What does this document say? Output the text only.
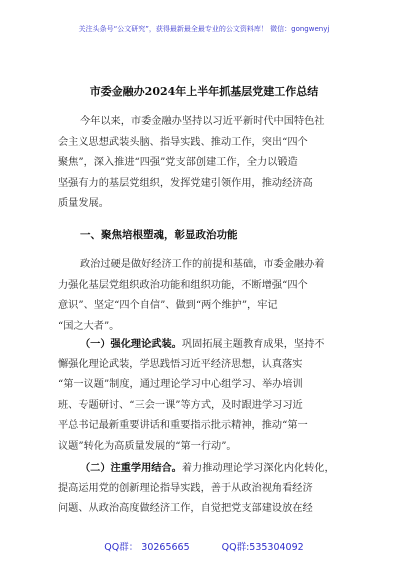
关注头条号“公文研究”，获得最新最全最专业的公文资料库！ 微信：gongwenyj
市委金融办2024年上半年抓基层党建工作总结
今年以来，市委金融办坚持以习近平新时代中国特色社
会主义思想武装头脑、指导实践、推动工作，突出“四个
聚焦”，深入推进“四强”党支部创建工作，全力以锻造
坚强有力的基层党组织，发挥党建引领作用，推动经济高
质量发展。
一、聚焦培根塑魂，彰显政治功能
政治过硬是做好经济工作的前提和基础，市委金融办着
力强化基层党组织政治功能和组织功能，不断增强“四个
意识”、坚定“四个自信”、做到“两个维护”，牢记
“国之大者”。
（一）强化理论武装。巩固拓展主题教育成果，坚持不
懈强化理论武装，学思践悟习近平经济思想，认真落实
“第一议题”制度，通过理论学习中心组学习、举办培训
班、专题研讨、“三会一课”等方式，及时跟进学习习近
平总书记最新重要讲话和重要指示批示精神，推动“第一
议题”转化为高质量发展的“第一行动”。
（二）注重学用结合。着力推动理论学习深化内化转化，
提高运用党的创新理论指导实践，善于从政治视角看经济
问题、从政治高度做经济工作，自觉把党支部建设放在经
QQ群： 30265665	QQ群:535304092
